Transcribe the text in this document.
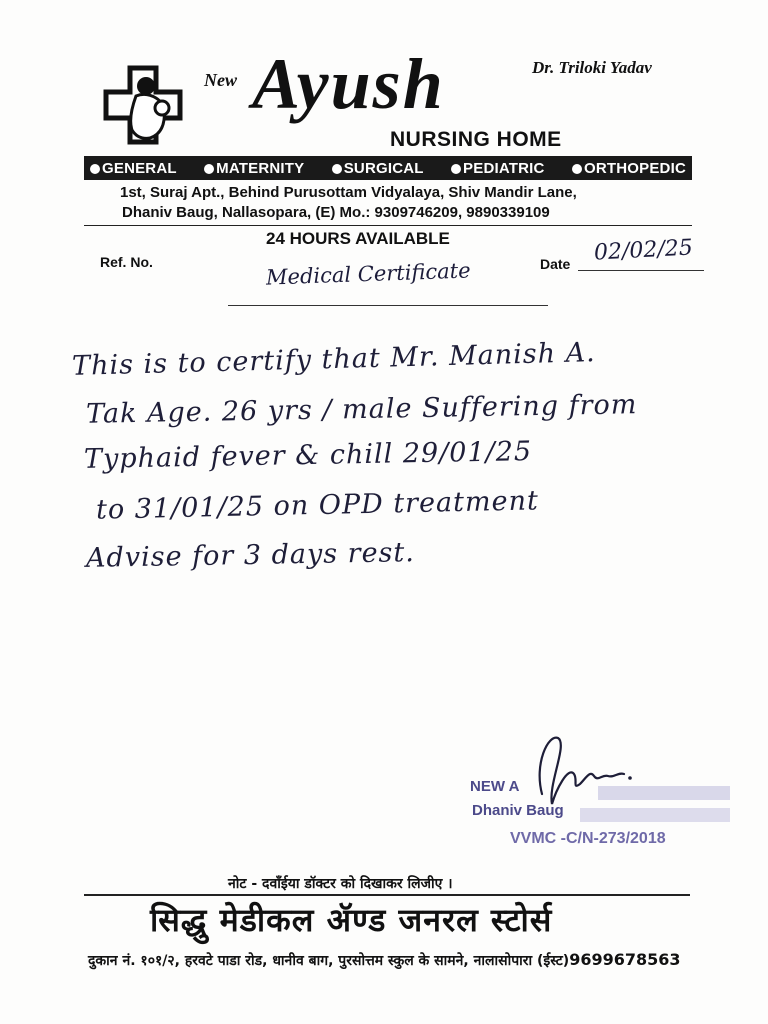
Dr. Triloki Yadav
New Ayush
NURSING HOME
GENERAL	MATERNITY	SURGICAL	PEDIATRIC	ORTHOPEDIC
1st, Suraj Apt., Behind Purusottam Vidyalaya, Shiv Mandir Lane,
Dhaniv Baug, Nallasopara, (E) Mo.: 9309746209, 9890339109
24 HOURS AVAILABLE
Ref. No.	Date 02/02/25
Medical Certificate
This is to certify that Mr. Manish A.
Tak Age. 26 yrs / male Suffering from
Typhaid fever & chill 29/01/25
to 31/01/25 on OPD treatment
Advise for 3 days rest.
NEW A
Dhaniv Baug
VVMC -C/N-273/2018
नोट - दवाँईया डॉक्टर को दिखाकर लिजीए ।
सिद्धु मेडीकल ॲण्ड जनरल स्टोर्स
दुकान नं. १०१/२, हरवटे पाडा रोड, धानीव बाग, पुरसोत्तम स्कुल के सामने, नालासोपारा (ईस्ट)9699678563
